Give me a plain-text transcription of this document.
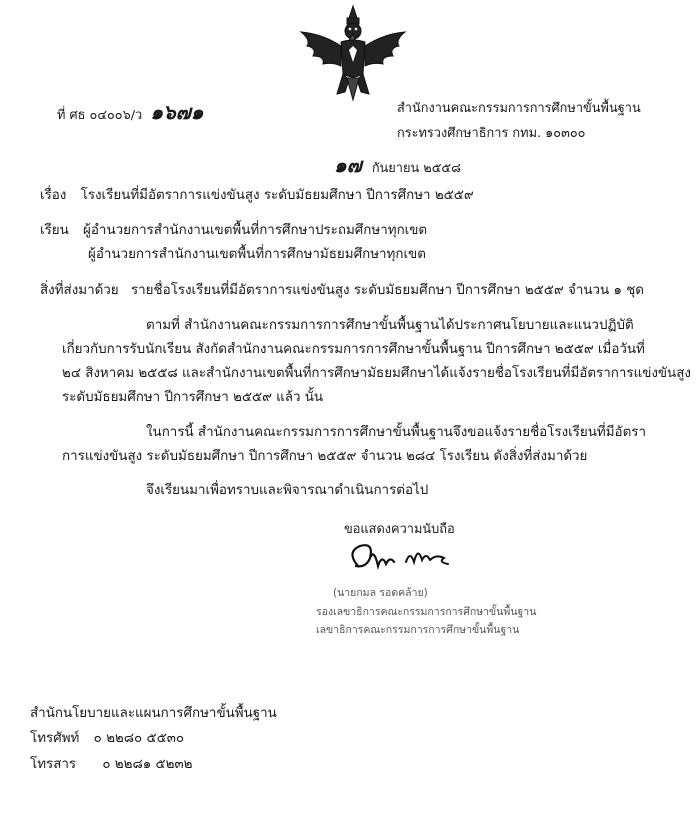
ที่ ศธ ๐๔๐๐๖/ว ๑๖๗๑	สำนักงานคณะกรรมการการศึกษาขั้นพื้นฐาน
กระทรวงศึกษาธิการ กทม. ๑๐๓๐๐
๑๗ กันยายน ๒๕๕๘
เรื่อง โรงเรียนที่มีอัตราการแข่งขันสูง ระดับมัธยมศึกษา ปีการศึกษา ๒๕๕๙
เรียน ผู้อำนวยการสำนักงานเขตพื้นที่การศึกษาประถมศึกษาทุกเขต
ผู้อำนวยการสำนักงานเขตพื้นที่การศึกษามัธยมศึกษาทุกเขต
สิ่งที่ส่งมาด้วย รายชื่อโรงเรียนที่มีอัตราการแข่งขันสูง ระดับมัธยมศึกษา ปีการศึกษา ๒๕๕๙ จำนวน ๑ ชุด
ตามที่ สำนักงานคณะกรรมการการศึกษาขั้นพื้นฐานได้ประกาศนโยบายและแนวปฏิบัติ
เกี่ยวกับการรับนักเรียน สังกัดสำนักงานคณะกรรมการการศึกษาขั้นพื้นฐาน ปีการศึกษา ๒๕๕๙ เมื่อวันที่
๒๔ สิงหาคม ๒๕๕๘ และสำนักงานเขตพื้นที่การศึกษามัธยมศึกษาได้แจ้งรายชื่อโรงเรียนที่มีอัตราการแข่งขันสูง
ระดับมัธยมศึกษา ปีการศึกษา ๒๕๕๙ แล้ว นั้น
ในการนี้ สำนักงานคณะกรรมการการศึกษาขั้นพื้นฐานจึงขอแจ้งรายชื่อโรงเรียนที่มีอัตรา
การแข่งขันสูง ระดับมัธยมศึกษา ปีการศึกษา ๒๕๕๙ จำนวน ๒๘๔ โรงเรียน ดังสิ่งที่ส่งมาด้วย
จึงเรียนมาเพื่อทราบและพิจารณาดำเนินการต่อไป
ขอแสดงความนับถือ
(นายกมล รอดคล้าย)
รองเลขาธิการคณะกรรมการการศึกษาขั้นพื้นฐาน
เลขาธิการคณะกรรมการการศึกษาขั้นพื้นฐาน
สำนักนโยบายและแผนการศึกษาขั้นพื้นฐาน
โทรศัพท์ ๐ ๒๒๘๐ ๕๕๓๐
โทรสาร ๐ ๒๒๘๑ ๕๒๓๒
